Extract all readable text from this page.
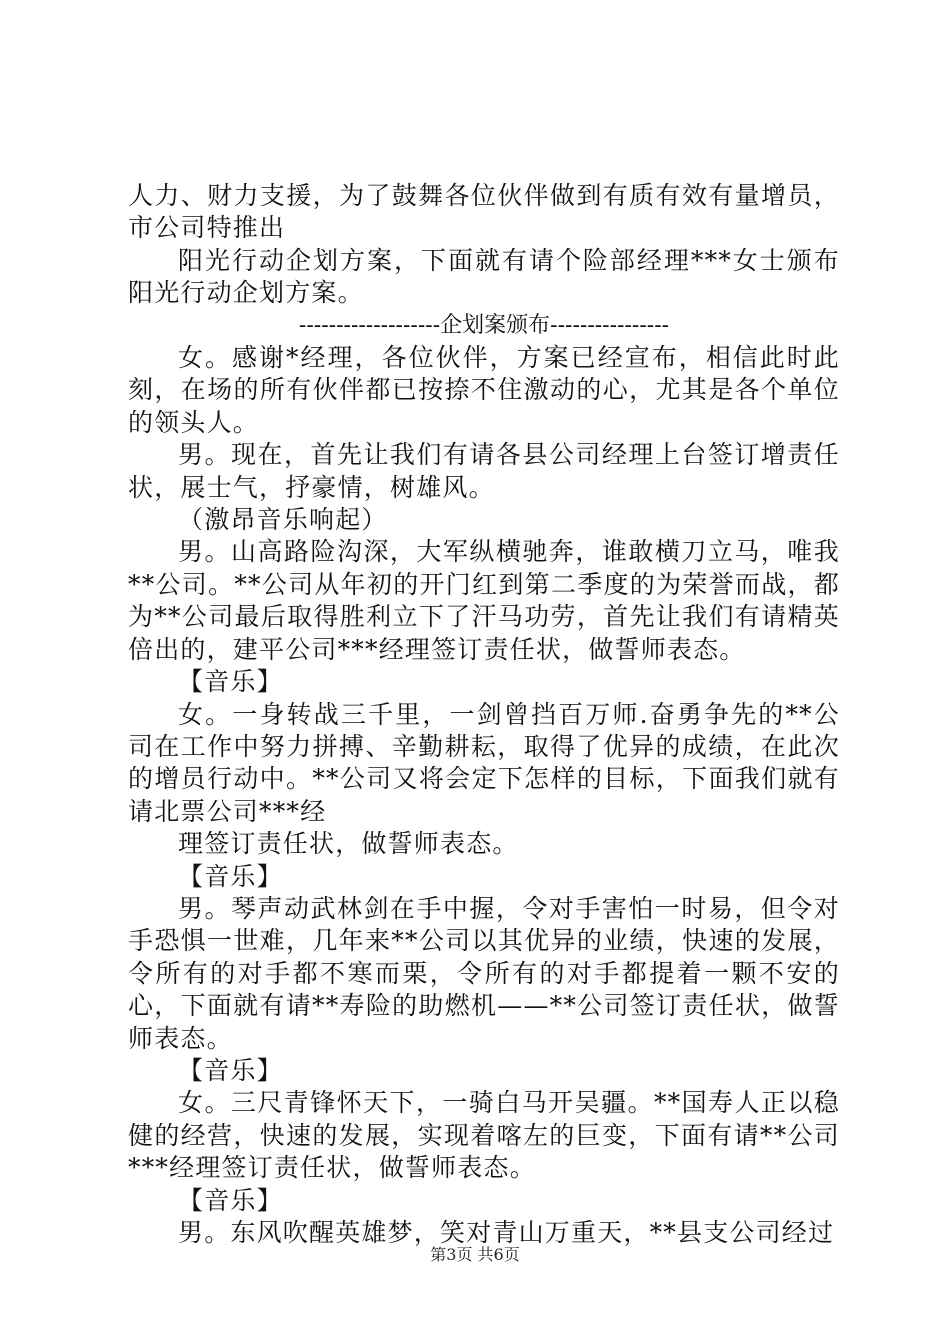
人力、财力支援，为了鼓舞各位伙伴做到有质有效有量增员，市公司特推出

阳光行动企划方案，下面就有请个险部经理***女士颁布阳光行动企划方案。

-------------------企划案颁布----------------

女。感谢*经理，各位伙伴，方案已经宣布，相信此时此刻，在场的所有伙伴都已按捺不住激动的心，尤其是各个单位的领头人。

男。现在，首先让我们有请各县公司经理上台签订增责任状，展士气，抒豪情，树雄风。

（激昂音乐响起）

男。山高路险沟深，大军纵横驰奔，谁敢横刀立马，唯我**公司。**公司从年初的开门红到第二季度的为荣誉而战，都为**公司最后取得胜利立下了汗马功劳，首先让我们有请精英倍出的，建平公司***经理签订责任状，做誓师表态。

【音乐】

女。一身转战三千里，一剑曾挡百万师.奋勇争先的**公司在工作中努力拼搏、辛勤耕耘，取得了优异的成绩，在此次的增员行动中。**公司又将会定下怎样的目标，下面我们就有请北票公司***经

理签订责任状，做誓师表态。

【音乐】

男。琴声动武林剑在手中握，令对手害怕一时易，但令对手恐惧一世难，几年来**公司以其优异的业绩，快速的发展，令所有的对手都不寒而栗，令所有的对手都提着一颗不安的心，下面就有请**寿险的助燃机——**公司签订责任状，做誓师表态。

【音乐】

女。三尺青锋怀天下，一骑白马开吴疆。**国寿人正以稳健的经营，快速的发展，实现着喀左的巨变，下面有请**公司***经理签订责任状，做誓师表态。

【音乐】

男。东风吹醒英雄梦，笑对青山万重天，**县支公司经过

第3页 共6页
